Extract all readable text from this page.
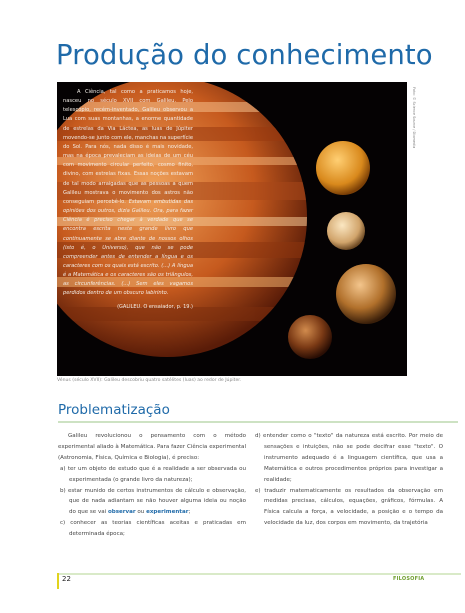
Produção do conhecimento
Foto: © Science Source / Diomedia

A Ciência, tal como a praticamos hoje, nasceu no século XVII com Galileu. Pelo telescópio, recém-inventado, Galileu observou a Lua com suas montanhas, a enorme quantidade de estrelas da Via Láctea, as luas de Júpiter movendo-se junto com ele, manchas na superfície do Sol. Para nós, nada disso é mais novidade, mas na época prevaleciam as ideias de um céu com movimento circular perfeito, cosmo finito, divino, com estrelas fixas. Essas noções estavam de tal modo arraigadas que as pessoas a quem Galileu mostrava o movimento dos astros não conseguiam percebê-lo. Estavam embutidas das opiniões dos outros, dizia Galileu. Ora, para fazer Ciência é preciso chegar à verdade que se encontra escrita neste grande livro que continuamente se abre diante de nossos olhos (isto é, o Universo), que não se pode compreender antes de entender a língua e os caracteres com os quais está escrito. (...) A língua é a Matemática e os caracteres são os triângulos, as circunferências. (...) Sem eles vagamos perdidos dentro de um obscuro labirinto.

(GALILEU. O ensaiador, p. 19.)
Vénus (século XVII): Galileu descobriu quatro satélites (luas) ao redor de Júpiter.
Problematização

Galileu revolucionou o pensamento com o método experimental aliado à Matemática. Para fazer Ciência experimental (Astronomia, Física, Química e Biologia), é preciso:

a) ter um objeto de estudo que é a realidade a ser observada ou experimentada (o grande livro da natureza);

b) estar munido de certos instrumentos de cálculo e observação, que de nada adiantam se não houver alguma ideia ou noção do que se vai observar ou experimentar;

c) conhecer as teorias científicas aceitas e praticadas em determinada época;

d) entender como o "texto" da natureza está escrito. Por meio de sensações e intuições, não se pode decifrar esse "texto". O instrumento adequado é a linguagem científica, que usa a Matemática e outros procedimentos próprios para investigar a realidade;

e) traduzir matematicamente os resultados da observação em medidas precisas, cálculos, equações, gráficos, fórmulas. A Física calcula a força, a velocidade, a posição e o tempo da velocidade da luz, dos corpos em movimento, da trajetória

22	FILOSOFIA
